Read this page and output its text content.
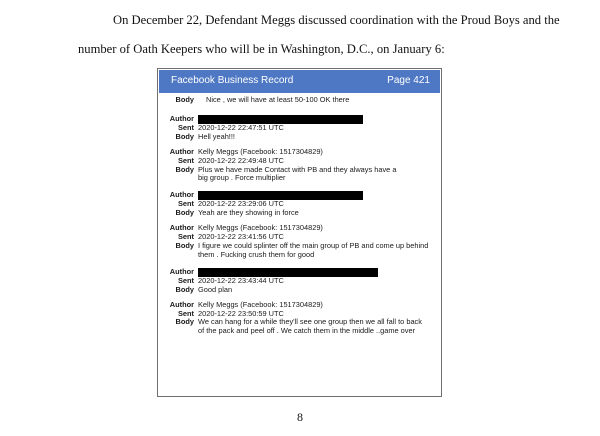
On December 22, Defendant Meggs discussed coordination with the Proud Boys and the
number of Oath Keepers who will be in Washington, D.C., on January 6:
Facebook Business Record	Page 421
Body Nice , we will have at least 50-100 OK there
Author
Sent 2020-12-22 22:47:51 UTC
Body Hell yeah!!!
Author Kelly Meggs (Facebook: 1517304829)
Sent 2020-12-22 22:49:48 UTC
Body Plus we have made Contact with PB and they always have a big group . Force multiplier
Author
Sent 2020-12-22 23:29:06 UTC
Body Yeah are they showing in force
Author Kelly Meggs (Facebook: 1517304829)
Sent 2020-12-22 23:41:56 UTC
Body I figure we could splinter off the main group of PB and come up behind them . Fucking crush them for good
Author
Sent 2020-12-22 23:43:44 UTC
Body Good plan
Author Kelly Meggs (Facebook: 1517304829)
Sent 2020-12-22 23:50:59 UTC
Body We can hang for a while they'll see one group then we all fall to back of the pack and peel off . We catch them in the middle ..game over
8
